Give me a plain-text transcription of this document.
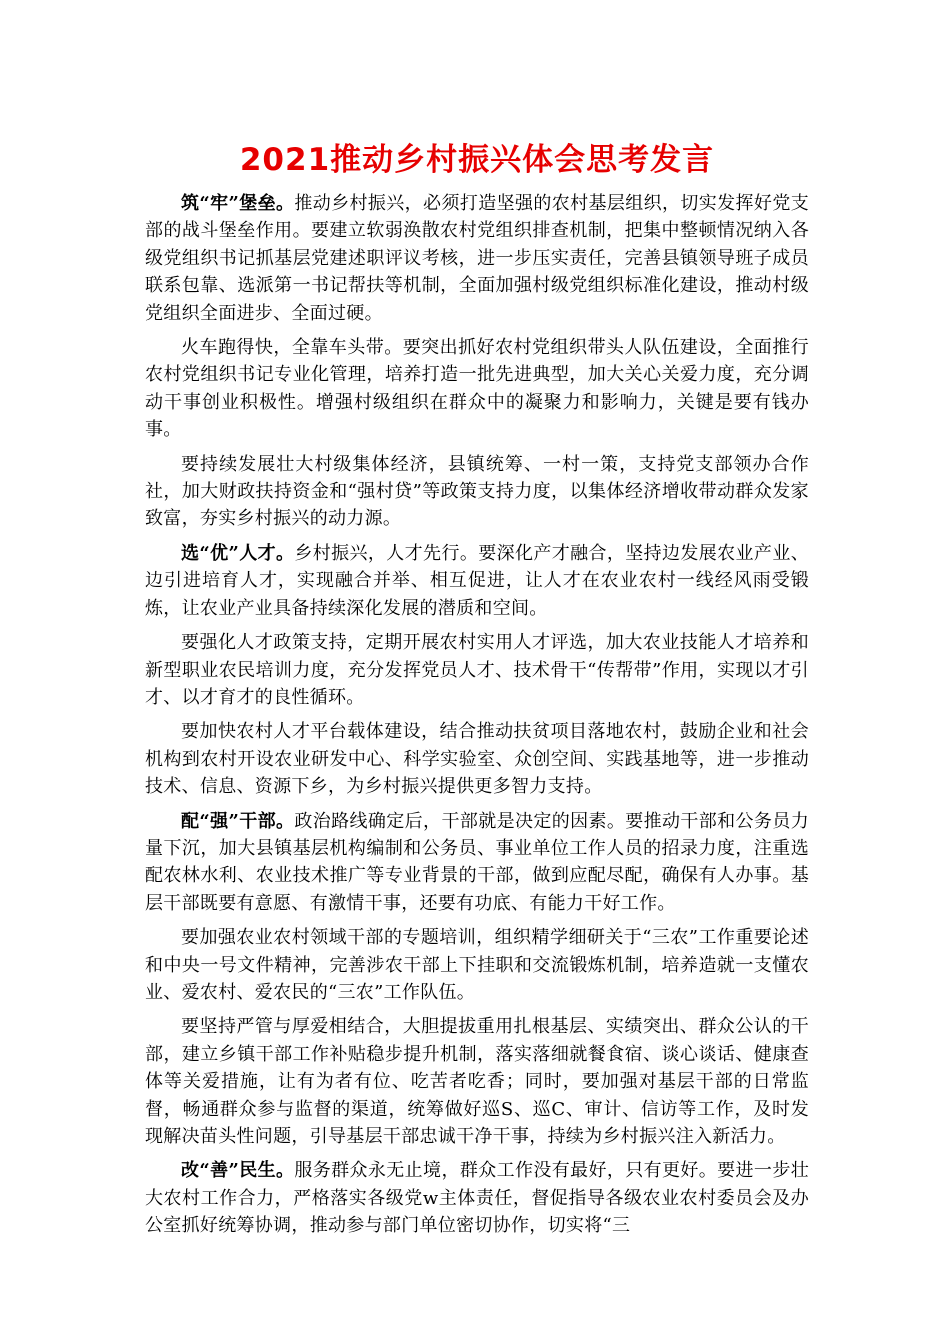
2021推动乡村振兴体会思考发言

筑“牢”堡垒。推动乡村振兴，必须打造坚强的农村基层组织，切实发挥好党支部的战斗堡垒作用。要建立软弱涣散农村党组织排查机制，把集中整顿情况纳入各级党组织书记抓基层党建述职评议考核，进一步压实责任，完善县镇领导班子成员联系包靠、选派第一书记帮扶等机制，全面加强村级党组织标准化建设，推动村级党组织全面进步、全面过硬。

火车跑得快，全靠车头带。要突出抓好农村党组织带头人队伍建设，全面推行农村党组织书记专业化管理，培养打造一批先进典型，加大关心关爱力度，充分调动干事创业积极性。增强村级组织在群众中的凝聚力和影响力，关键是要有钱办事。

要持续发展壮大村级集体经济，县镇统筹、一村一策，支持党支部领办合作社，加大财政扶持资金和“强村贷”等政策支持力度，以集体经济增收带动群众发家致富，夯实乡村振兴的动力源。

选“优”人才。乡村振兴，人才先行。要深化产才融合，坚持边发展农业产业、边引进培育人才，实现融合并举、相互促进，让人才在农业农村一线经风雨受锻炼，让农业产业具备持续深化发展的潜质和空间。

要强化人才政策支持，定期开展农村实用人才评选，加大农业技能人才培养和新型职业农民培训力度，充分发挥党员人才、技术骨干“传帮带”作用，实现以才引才、以才育才的良性循环。

要加快农村人才平台载体建设，结合推动扶贫项目落地农村，鼓励企业和社会机构到农村开设农业研发中心、科学实验室、众创空间、实践基地等，进一步推动技术、信息、资源下乡，为乡村振兴提供更多智力支持。

配“强”干部。政治路线确定后，干部就是决定的因素。要推动干部和公务员力量下沉，加大县镇基层机构编制和公务员、事业单位工作人员的招录力度，注重选配农林水利、农业技术推广等专业背景的干部，做到应配尽配，确保有人办事。基层干部既要有意愿、有激情干事，还要有功底、有能力干好工作。

要加强农业农村领域干部的专题培训，组织精学细研关于“三农”工作重要论述和中央一号文件精神，完善涉农干部上下挂职和交流锻炼机制，培养造就一支懂农业、爱农村、爱农民的“三农”工作队伍。

要坚持严管与厚爱相结合，大胆提拔重用扎根基层、实绩突出、群众公认的干部，建立乡镇干部工作补贴稳步提升机制，落实落细就餐食宿、谈心谈话、健康查体等关爱措施，让有为者有位、吃苦者吃香；同时，要加强对基层干部的日常监督，畅通群众参与监督的渠道，统筹做好巡S、巡C、审计、信访等工作，及时发现解决苗头性问题，引导基层干部忠诚干净干事，持续为乡村振兴注入新活力。

改“善”民生。服务群众永无止境，群众工作没有最好，只有更好。要进一步壮大农村工作合力，严格落实各级党w主体责任，督促指导各级农业农村委员会及办公室抓好统筹协调，推动参与部门单位密切协作，切实将“三
